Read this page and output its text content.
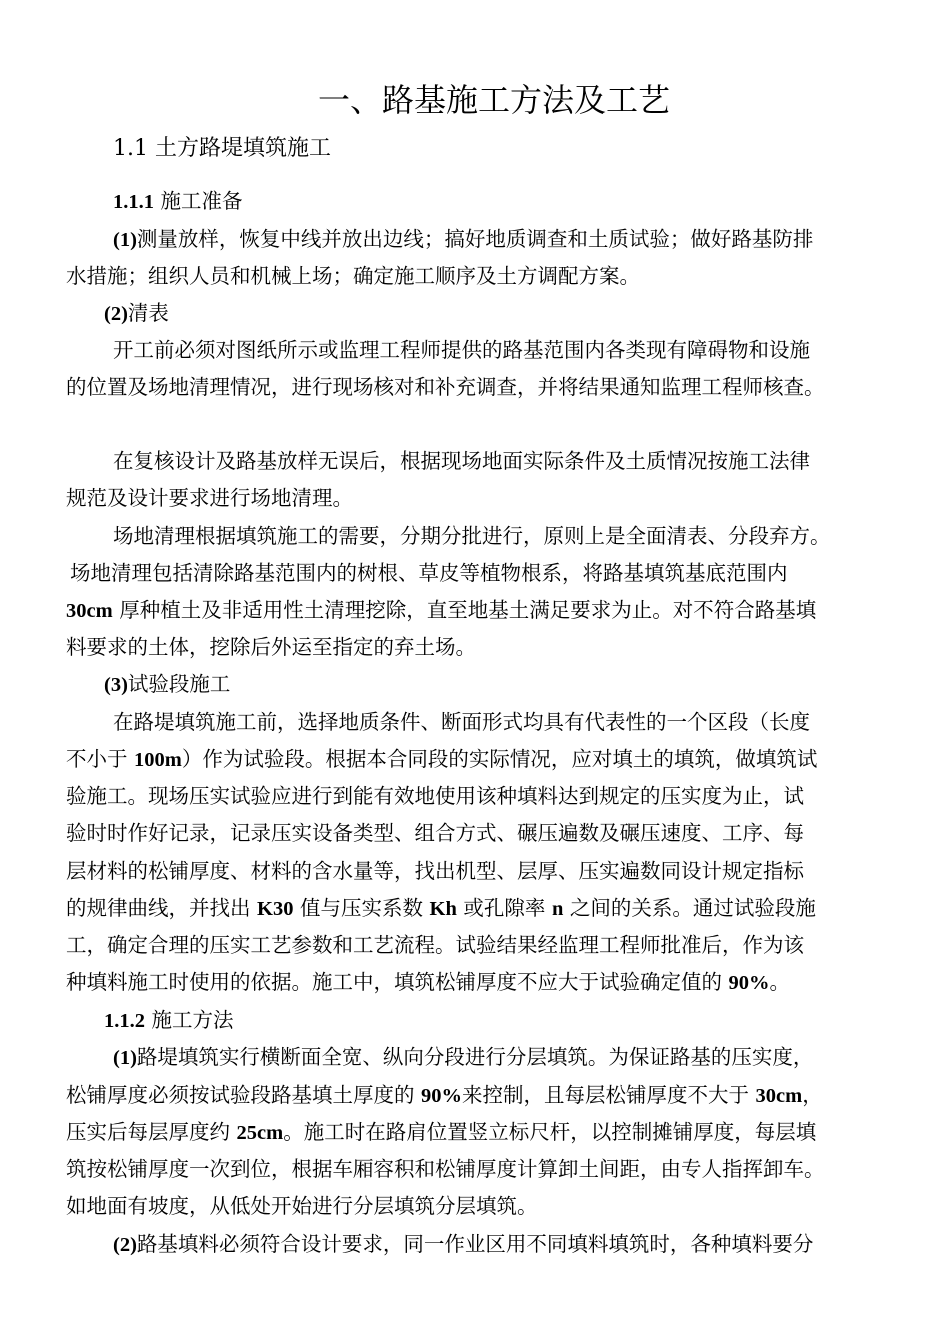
一、路基施工方法及工艺
1.1 土方路堤填筑施工
1.1.1 施工准备
(1)测量放样，恢复中线并放出边线；搞好地质调查和土质试验；做好路基防排
水措施；组织人员和机械上场；确定施工顺序及土方调配方案。
(2)清表
开工前必须对图纸所示或监理工程师提供的路基范围内各类现有障碍物和设施
的位置及场地清理情况，进行现场核对和补充调查，并将结果通知监理工程师核查。
在复核设计及路基放样无误后，根据现场地面实际条件及土质情况按施工法律
规范及设计要求进行场地清理。
场地清理根据填筑施工的需要，分期分批进行，原则上是全面清表、分段弃方。
场地清理包括清除路基范围内的树根、草皮等植物根系，将路基填筑基底范围内
30cm 厚种植土及非适用性土清理挖除，直至地基土满足要求为止。对不符合路基填
料要求的土体，挖除后外运至指定的弃土场。
(3)试验段施工
在路堤填筑施工前，选择地质条件、断面形式均具有代表性的一个区段（长度
不小于 100m）作为试验段。根据本合同段的实际情况，应对填土的填筑，做填筑试
验施工。现场压实试验应进行到能有效地使用该种填料达到规定的压实度为止，试
验时时作好记录，记录压实设备类型、组合方式、碾压遍数及碾压速度、工序、每
层材料的松铺厚度、材料的含水量等，找出机型、层厚、压实遍数同设计规定指标
的规律曲线，并找出 K30 值与压实系数 Kh 或孔隙率 n 之间的关系。通过试验段施
工，确定合理的压实工艺参数和工艺流程。试验结果经监理工程师批准后，作为该
种填料施工时使用的依据。施工中，填筑松铺厚度不应大于试验确定值的 90%。
1.1.2 施工方法
(1)路堤填筑实行横断面全宽、纵向分段进行分层填筑。为保证路基的压实度，
松铺厚度必须按试验段路基填土厚度的 90%来控制，且每层松铺厚度不大于 30cm，
压实后每层厚度约 25cm。施工时在路肩位置竖立标尺杆，以控制摊铺厚度，每层填
筑按松铺厚度一次到位，根据车厢容积和松铺厚度计算卸土间距，由专人指挥卸车。
如地面有坡度，从低处开始进行分层填筑分层填筑。
(2)路基填料必须符合设计要求，同一作业区用不同填料填筑时，各种填料要分
